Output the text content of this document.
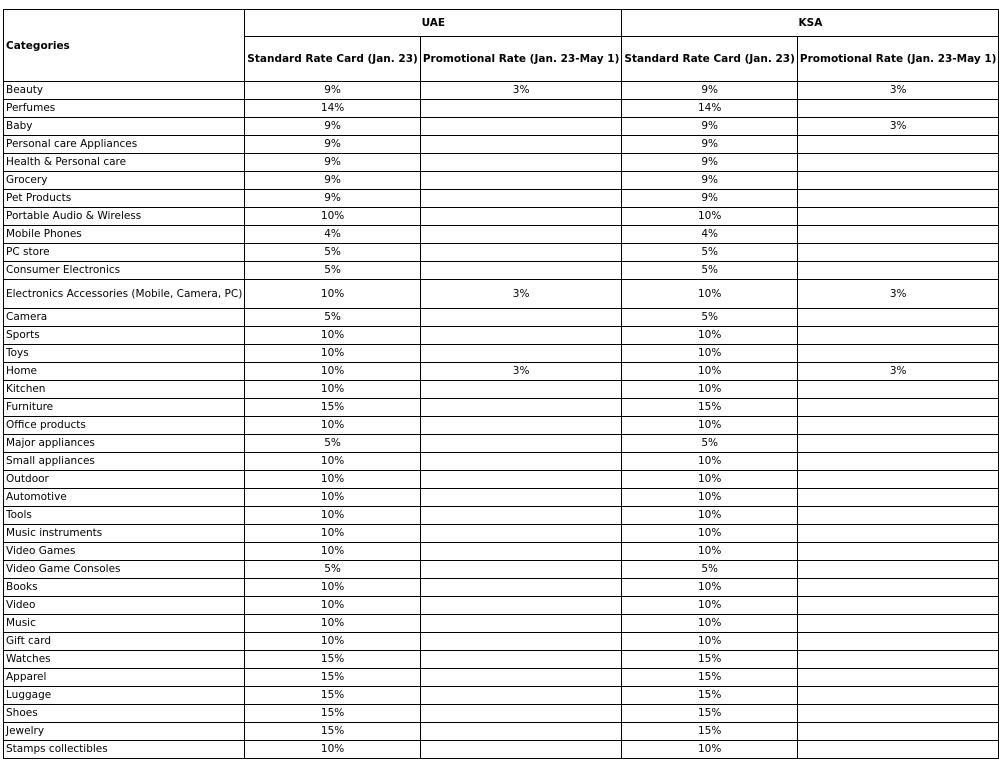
Categories	UAE		KSA	
	Standard Rate Card (Jan. 23)	Promotional Rate (Jan. 23-May 1)	Standard Rate Card (Jan. 23)	Promotional Rate (Jan. 23-May 1)
Beauty	9%	3%	9%	3%
Perfumes	14%		14%	
Baby	9%		9%	3%
Personal care Appliances	9%		9%	
Health & Personal care	9%		9%	
Grocery	9%		9%	
Pet Products	9%		9%	
Portable Audio & Wireless	10%		10%	
Mobile Phones	4%		4%	
PC store	5%		5%	
Consumer Electronics	5%		5%	
Electronics Accessories (Mobile, Camera, PC)	10%	3%	10%	3%
Camera	5%		5%	
Sports	10%		10%	
Toys	10%		10%	
Home	10%	3%	10%	3%
Kitchen	10%		10%	
Furniture	15%		15%	
Office products	10%		10%	
Major appliances	5%		5%	
Small appliances	10%		10%	
Outdoor	10%		10%	
Automotive	10%		10%	
Tools	10%		10%	
Music instruments	10%		10%	
Video Games	10%		10%	
Video Game Consoles	5%		5%	
Books	10%		10%	
Video	10%		10%	
Music	10%		10%	
Gift card	10%		10%	
Watches	15%		15%	
Apparel	15%		15%	
Luggage	15%		15%	
Shoes	15%		15%	
Jewelry	15%		15%	
Stamps collectibles	10%		10%	
